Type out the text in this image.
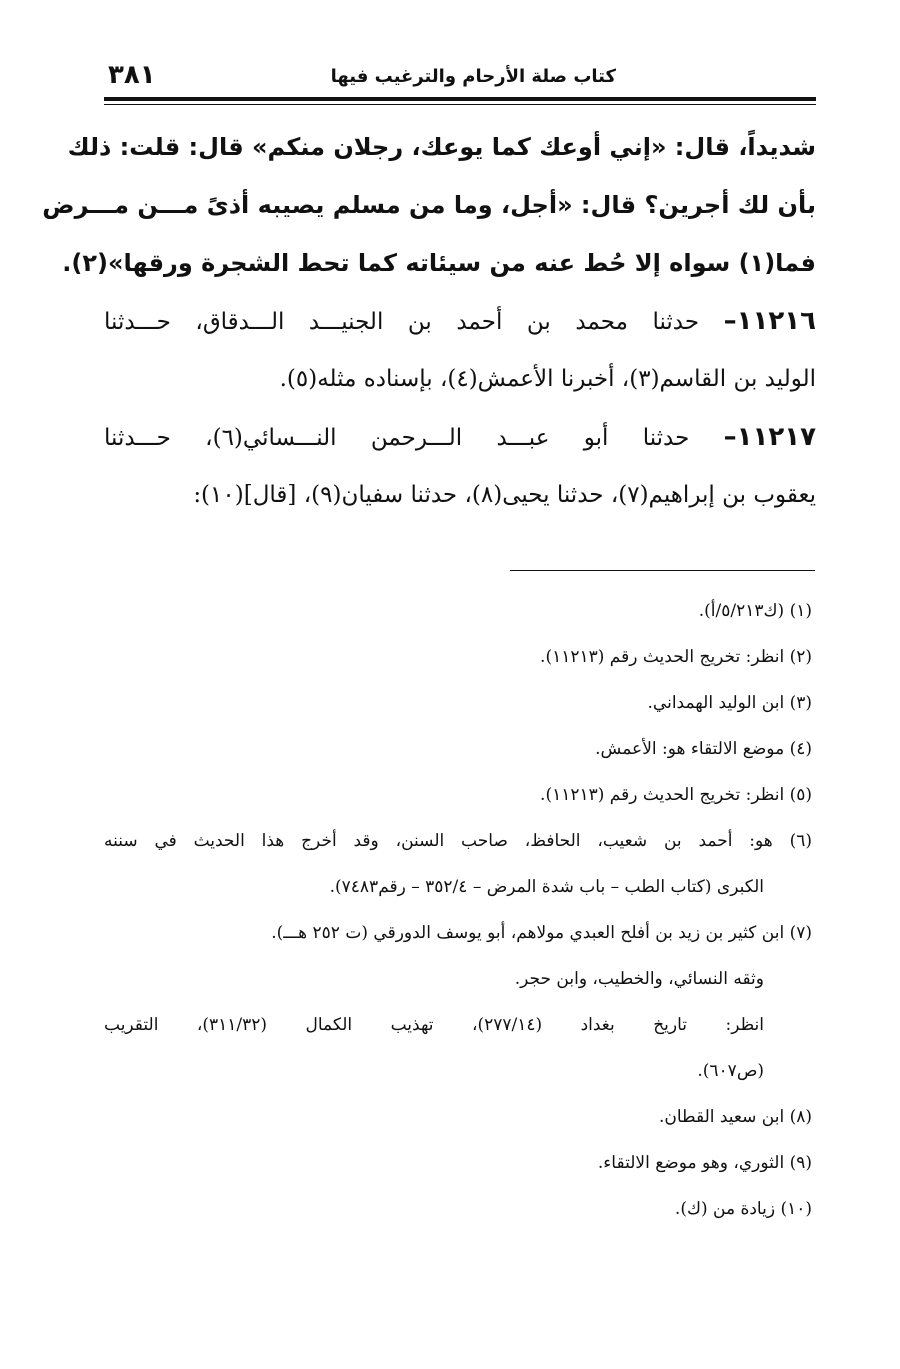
كتاب صلة الأرحام والترغيب فيها
٣٨١
شديداً، قال: «إني أوعك كما يوعك، رجلان منكم» قال: قلت: ذلك
بأن لك أجرين؟ قال: «أجل، وما من مسلم يصيبه أذىً مـــن مـــرض
فما(١) سواه إلا حُط عنه من سيئاته كما تحط الشجرة ورقها»(٢).
١١٢١٦– حدثنا محمد بن أحمد بن الجنيـــد الـــدقاق، حـــدثنا
الوليد بن القاسم(٣)، أخبرنا الأعمش(٤)، بإسناده مثله(٥).
١١٢١٧– حدثنا أبو عبـــد الـــرحمن النـــسائي(٦)، حـــدثنا
يعقوب بن إبراهيم(٧)، حدثنا يحيى(٨)، حدثنا سفيان(٩)، [قال](١٠):
(١) (ك٥/٢١٣/أ).
(٢) انظر: تخريج الحديث رقم (١١٢١٣).
(٣) ابن الوليد الهمداني.
(٤) موضع الالتقاء هو: الأعمش.
(٥) انظر: تخريج الحديث رقم (١١٢١٣).
(٦) هو: أحمد بن شعيب، الحافظ، صاحب السنن، وقد أخرج هذا الحديث في سننه
الكبرى (كتاب الطب – باب شدة المرض – ٣٥٢/٤ – رقم٧٤٨٣).
(٧) ابن كثير بن زيد بن أفلح العبدي مولاهم، أبو يوسف الدورقي (ت ٢٥٢ هـــ).
وثقه النسائي، والخطيب، وابن حجر.
انظر: تاريخ بغداد (٢٧٧/١٤)، تهذيب الكمال (٣١١/٣٢)، التقريب
(ص٦٠٧).
(٨) ابن سعيد القطان.
(٩) الثوري، وهو موضع الالتقاء.
(١٠) زيادة من (ك).
